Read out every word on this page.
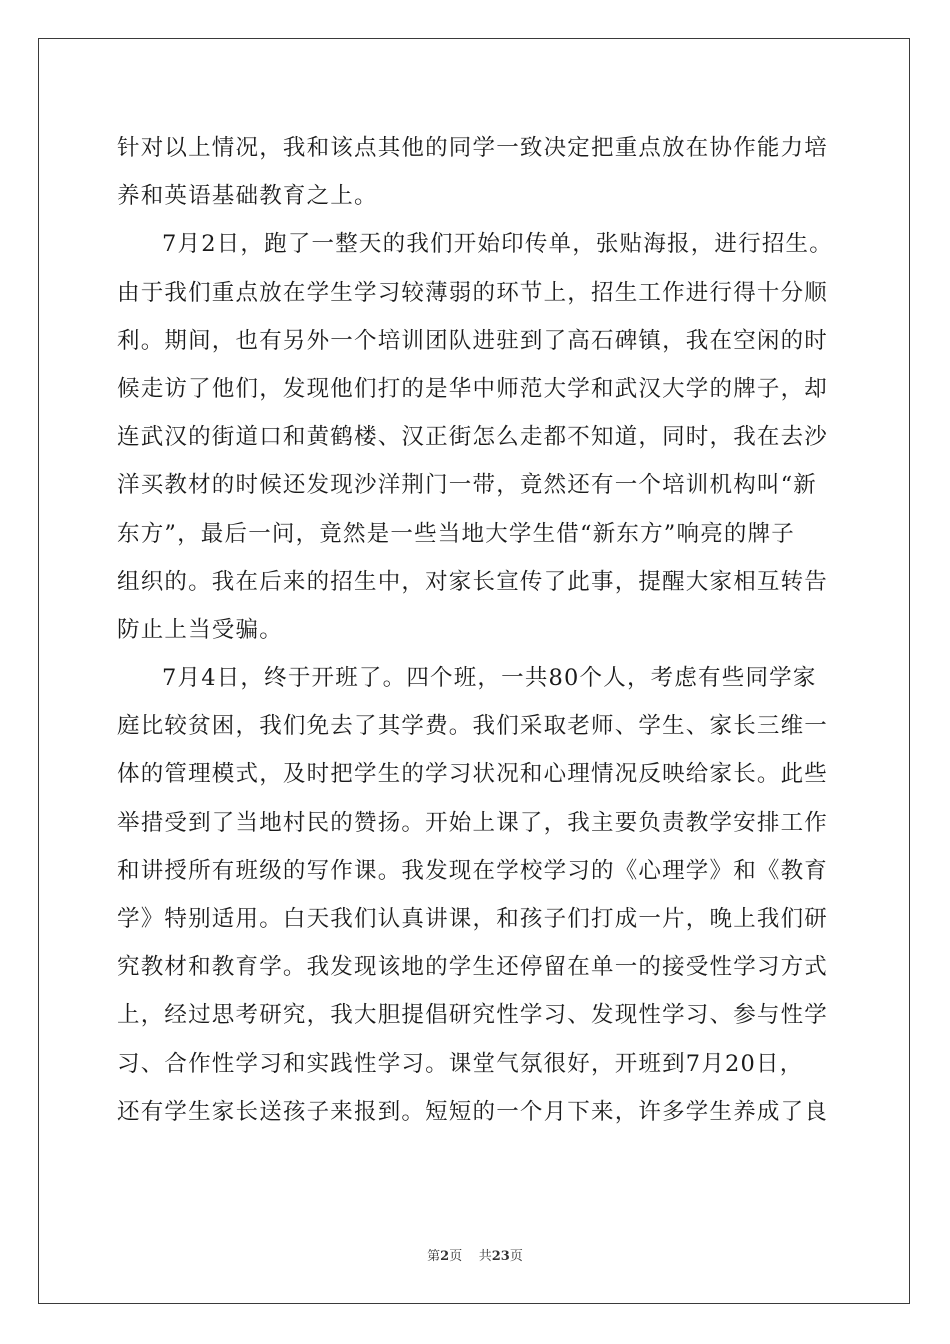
针对以上情况，我和该点其他的同学一致决定把重点放在协作能力培
养和英语基础教育之上。
7月2日，跑了一整天的我们开始印传单，张贴海报，进行招生。
由于我们重点放在学生学习较薄弱的环节上，招生工作进行得十分顺
利。期间，也有另外一个培训团队进驻到了高石碑镇，我在空闲的时
候走访了他们，发现他们打的是华中师范大学和武汉大学的牌子，却
连武汉的街道口和黄鹤楼、汉正街怎么走都不知道，同时，我在去沙
洋买教材的时候还发现沙洋荆门一带，竟然还有一个培训机构叫“新
东方”，最后一问，竟然是一些当地大学生借“新东方”响亮的牌子
组织的。我在后来的招生中，对家长宣传了此事，提醒大家相互转告
防止上当受骗。
7月4日，终于开班了。四个班，一共80个人，考虑有些同学家
庭比较贫困，我们免去了其学费。我们采取老师、学生、家长三维一
体的管理模式，及时把学生的学习状况和心理情况反映给家长。此些
举措受到了当地村民的赞扬。开始上课了，我主要负责教学安排工作
和讲授所有班级的写作课。我发现在学校学习的《心理学》和《教育
学》特别适用。白天我们认真讲课，和孩子们打成一片，晚上我们研
究教材和教育学。我发现该地的学生还停留在单一的接受性学习方式
上，经过思考研究，我大胆提倡研究性学习、发现性学习、参与性学
习、合作性学习和实践性学习。课堂气氛很好，开班到7月20日，
还有学生家长送孩子来报到。短短的一个月下来，许多学生养成了良
第2页 共23页
